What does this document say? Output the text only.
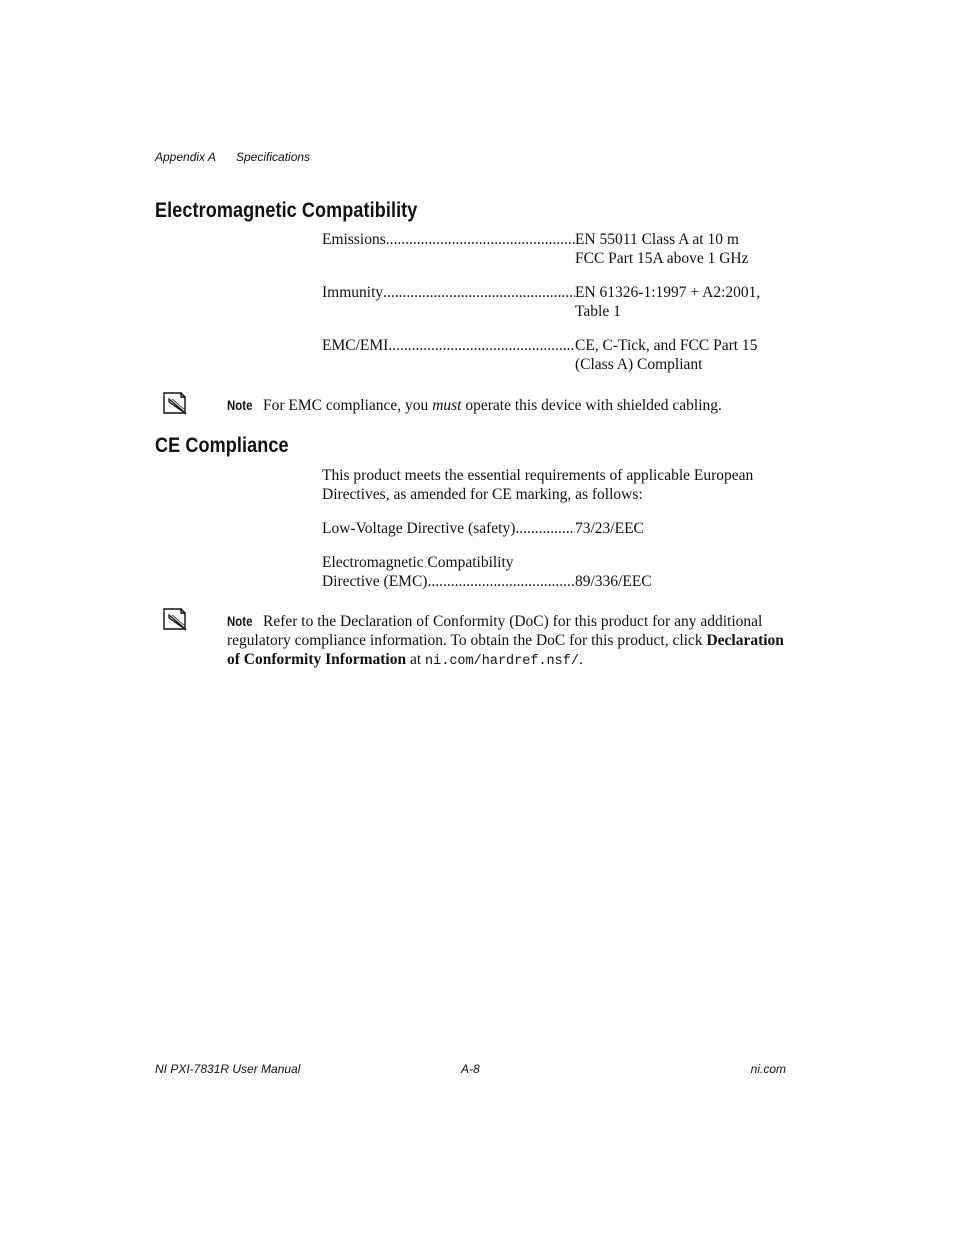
Appendix A Specifications
Electromagnetic Compatibility
Emissions .....	EN 55011 Class A at 10 m
FCC Part 15A above 1 GHz
Immunity .....	EN 61326-1:1997 + A2:2001,
Table 1
EMC/EMI .....	CE, C-Tick, and FCC Part 15
(Class A) Compliant
Note For EMC compliance, you must operate this device with shielded cabling.
CE Compliance
This product meets the essential requirements of applicable European Directives, as amended for CE marking, as follows:
Low-Voltage Directive (safety) .....	73/23/EEC
Electromagnetic Compatibility
Directive (EMC) .....	89/336/EEC
Note Refer to the Declaration of Conformity (DoC) for this product for any additional regulatory compliance information. To obtain the DoC for this product, click Declaration of Conformity Information at ni.com/hardref.nsf/.
NI PXI-7831R User Manual	A-8	ni.com
